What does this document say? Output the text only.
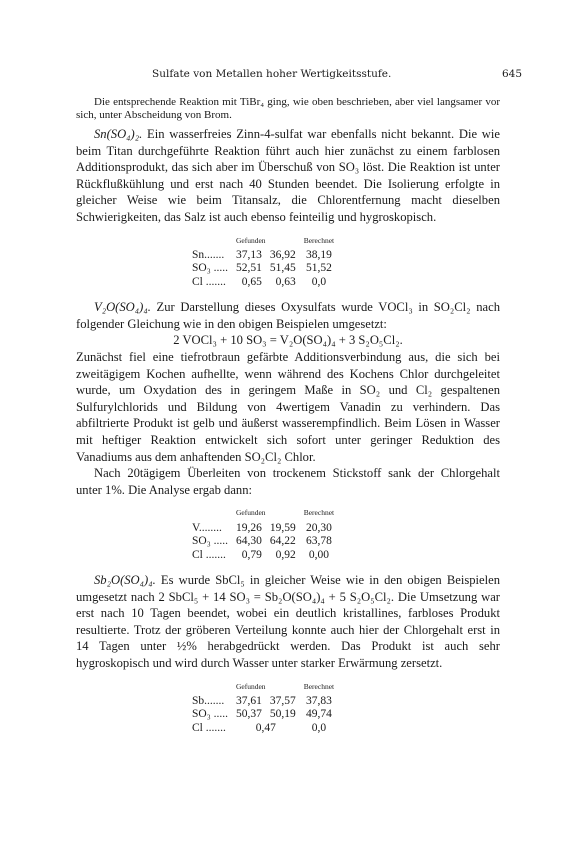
Sulfate von Metallen hoher Wertigkeitsstufe.	645

Die entsprechende Reaktion mit TiBr₄ ging, wie oben beschrieben, aber viel langsamer vor sich, unter Abscheidung von Brom.

Sn(SO₄)₂. Ein wasserfreies Zinn-4-sulfat war ebenfalls nicht bekannt. Die wie beim Titan durchgeführte Reaktion führt auch hier zunächst zu einem farblosen Additionsprodukt, das sich aber im Überschuß von SO₃ löst. Die Reaktion ist unter Rückflußkühlung und erst nach 40 Stunden beendet. Die Isolierung erfolgte in gleicher Weise wie beim Titansalz, die Chlorentfernung macht dieselben Schwierigkeiten, das Salz ist auch ebenso feinteilig und hygroskopisch.

	Gefunden		Berechnet
Sn.......	37,13	36,92	38,19
SO₃ .....	52,51	51,45	51,52
Cl .......	0,65	0,63	0,0

V₂O(SO₄)₄. Zur Darstellung dieses Oxysulfats wurde VOCl₃ in SO₂Cl₂ nach folgender Gleichung wie in den obigen Beispielen umgesetzt:

2 VOCl₃ + 10 SO₃ = V₂O(SO₄)₄ + 3 S₂O₅Cl₂.

Zunächst fiel eine tiefrotbraun gefärbte Additionsverbindung aus, die sich bei zweitägigem Kochen aufhellte, wenn während des Kochens Chlor durchgeleitet wurde, um Oxydation des in geringem Maße in SO₂ und Cl₂ gespaltenen Sulfurylchlorids und Bildung von 4wertigem Vanadin zu verhindern. Das abfiltrierte Produkt ist gelb und äußerst wasserempfindlich. Beim Lösen in Wasser mit heftiger Reaktion entwickelt sich sofort unter geringer Reduktion des Vanadiums aus dem anhaftenden SO₂Cl₂ Chlor.

Nach 20tägigem Überleiten von trockenem Stickstoff sank der Chlorgehalt unter 1%. Die Analyse ergab dann:

	Gefunden		Berechnet
V........	19,26	19,59	20,30
SO₃ .....	64,30	64,22	63,78
Cl .......	0,79	0,92	0,00

Sb₂O(SO₄)₄. Es wurde SbCl₅ in gleicher Weise wie in den obigen Beispielen umgesetzt nach 2 SbCl₅ + 14 SO₃ = Sb₂O(SO₄)₄ + 5 S₂O₅Cl₂. Die Umsetzung war erst nach 10 Tagen beendet, wobei ein deutlich kristallines, farbloses Produkt resultierte. Trotz der gröberen Verteilung konnte auch hier der Chlorgehalt erst in 14 Tagen unter ½% herabgedrückt werden. Das Produkt ist auch sehr hygroskopisch und wird durch Wasser unter starker Erwärmung zersetzt.

	Gefunden		Berechnet
Sb.......	37,61	37,57	37,83
SO₃ .....	50,37	50,19	49,74
Cl .......	0,47		0,0
